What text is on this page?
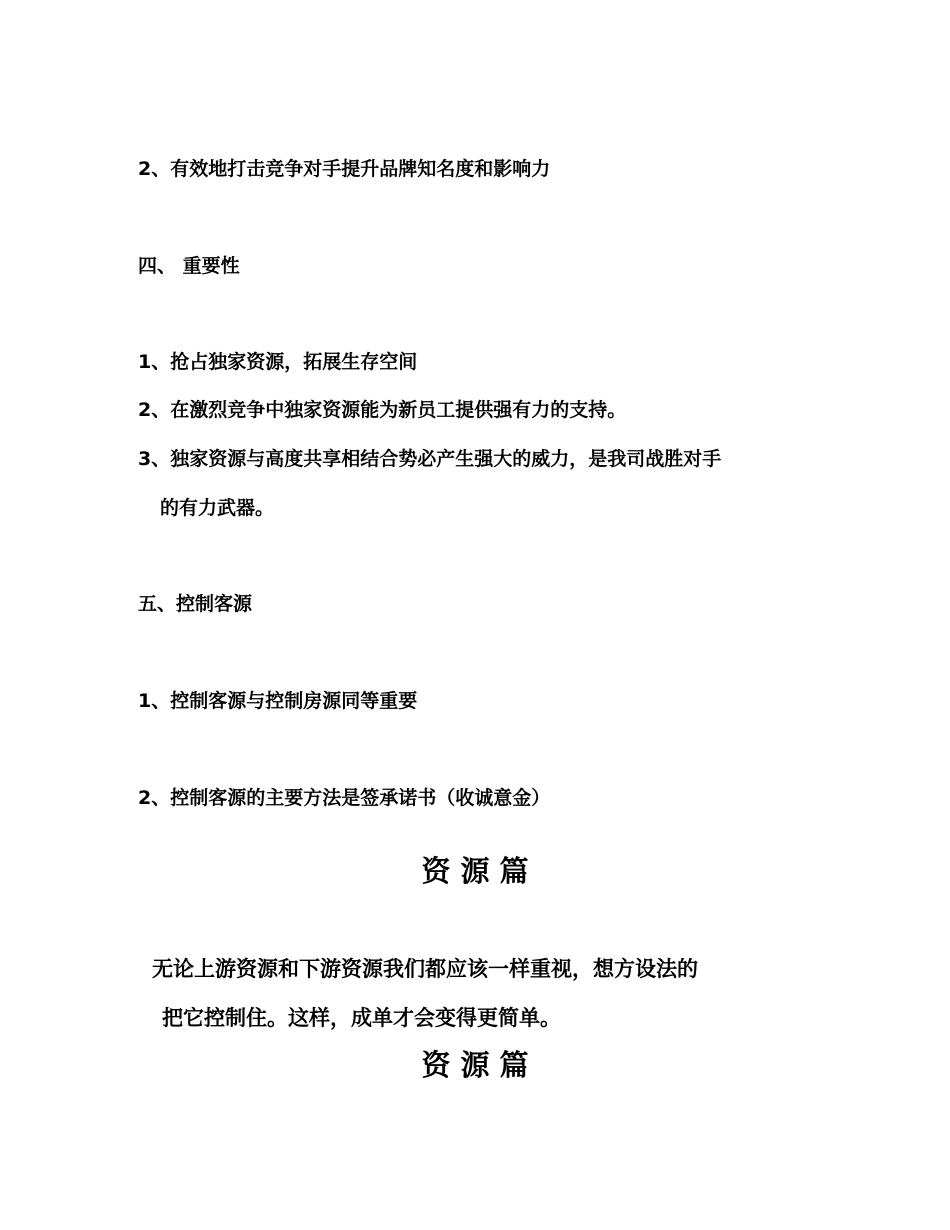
2、有效地打击竞争对手提升品牌知名度和影响力

四、 重要性

1、抢占独家资源，拓展生存空间

2、在激烈竞争中独家资源能为新员工提供强有力的支持。

3、独家资源与高度共享相结合势必产生强大的威力，是我司战胜对手

的有力武器。

五、控制客源

1、控制客源与控制房源同等重要

2、控制客源的主要方法是签承诺书（收诚意金）

资源篇

无论上游资源和下游资源我们都应该一样重视，想方设法的

把它控制住。这样，成单才会变得更简单。

资源篇
